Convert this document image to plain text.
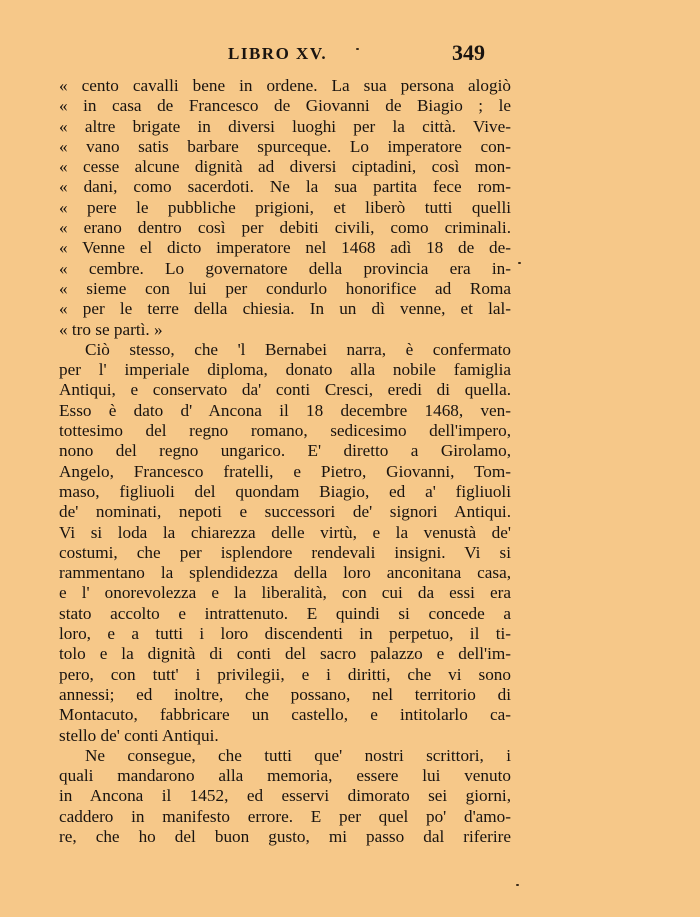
LIBRO XV.	349
« cento cavalli bene in ordene. La sua persona alogiò
« in casa de Francesco de Giovanni de Biagio ; le
« altre brigate in diversi luoghi per la città. Vive-
« vano satis barbare spurceque. Lo imperatore con-
« cesse alcune dignità ad diversi ciptadini, così mon-
« dani, como sacerdoti. Ne la sua partita fece rom-
« pere le pubbliche prigioni, et liberò tutti quelli
« erano dentro così per debiti civili, como criminali.
« Venne el dicto imperatore nel 1468 adì 18 de de-
« cembre. Lo governatore della provincia era in-
« sieme con lui per condurlo honorifice ad Roma
« per le terre della chiesia. In un dì venne, et lal-
« tro se partì. »
Ciò stesso, che 'l Bernabei narra, è confermato
per l' imperiale diploma, donato alla nobile famiglia
Antiqui, e conservato da' conti Cresci, eredi di quella.
Esso è dato d' Ancona il 18 decembre 1468, ven-
tottesimo del regno romano, sedicesimo dell'impero,
nono del regno ungarico. E' diretto a Girolamo,
Angelo, Francesco fratelli, e Pietro, Giovanni, Tom-
maso, figliuoli del quondam Biagio, ed a' figliuoli
de' nominati, nepoti e successori de' signori Antiqui.
Vi si loda la chiarezza delle virtù, e la venustà de'
costumi, che per isplendore rendevali insigni. Vi si
rammentano la splendidezza della loro anconitana casa,
e l' onorevolezza e la liberalità, con cui da essi era
stato accolto e intrattenuto. E quindi si concede a
loro, e a tutti i loro discendenti in perpetuo, il ti-
tolo e la dignità di conti del sacro palazzo e dell'im-
pero, con tutt' i privilegii, e i diritti, che vi sono
annessi; ed inoltre, che possano, nel territorio di
Montacuto, fabbricare un castello, e intitolarlo ca-
stello de' conti Antiqui.
Ne consegue, che tutti que' nostri scrittori, i
quali mandarono alla memoria, essere lui venuto
in Ancona il 1452, ed esservi dimorato sei giorni,
caddero in manifesto errore. E per quel po' d'amo-
re, che ho del buon gusto, mi passo dal riferire
